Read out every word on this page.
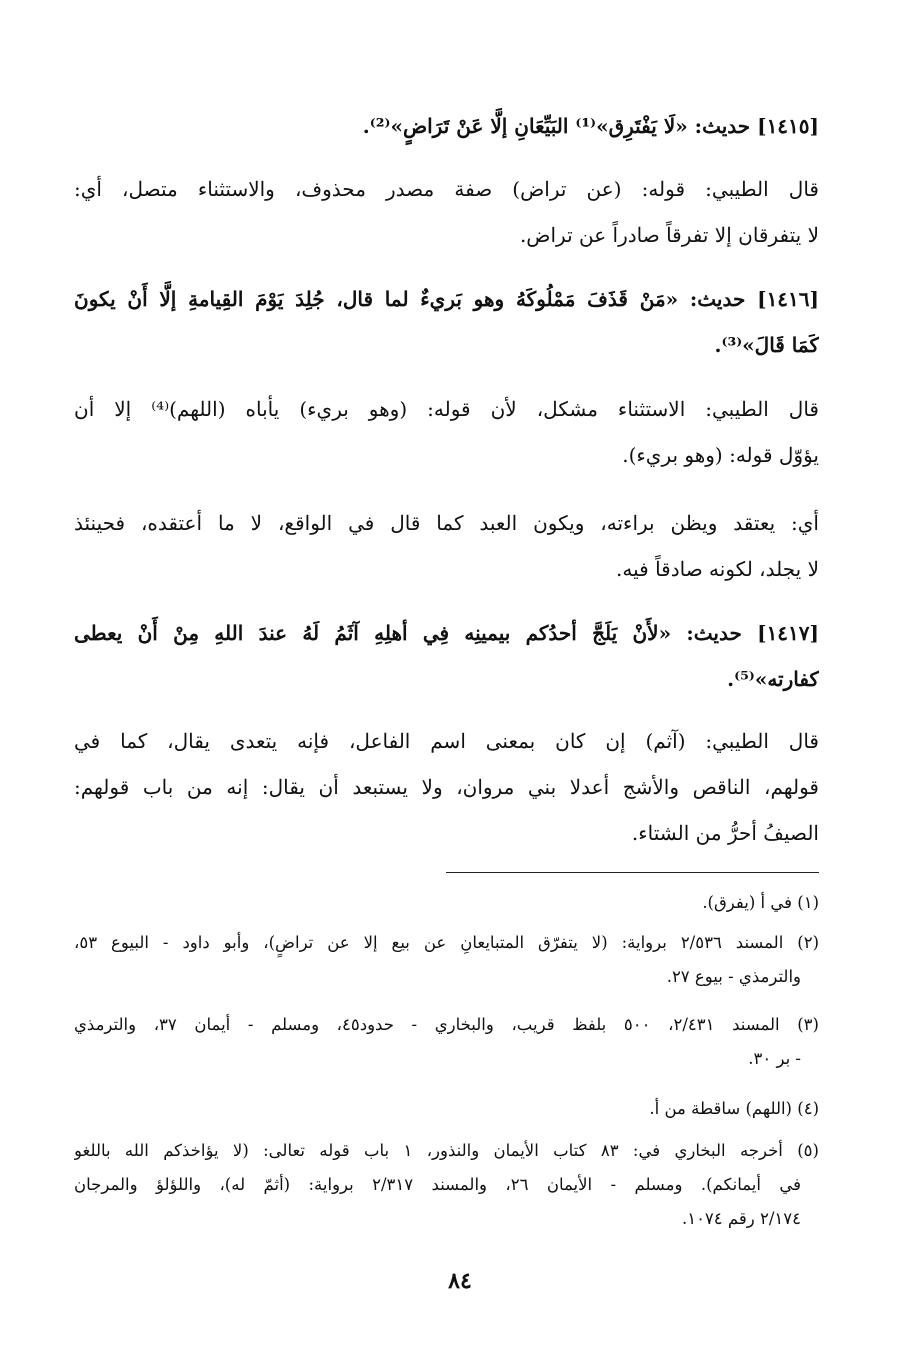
[١٤١٥] حديث: «لَا يَفْتَرِق»⁽¹⁾ البَيِّعَانِ إلَّا عَنْ تَرَاضٍ»⁽²⁾.
قال الطيبي: قوله: (عن تراض) صفة مصدر محذوف، والاستثناء متصل، أي:
لا يتفرقان إلا تفرقاً صادراً عن تراض.
[١٤١٦] حديث: «مَنْ قَذَفَ مَمْلُوكَهُ وهو بَريءٌ لما قال، جُلِدَ يَوْمَ القِيامةِ إلَّا أَنْ يكونَ
كَمَا قَالَ»⁽³⁾.
قال الطيبي: الاستثناء مشكل، لأن قوله: (وهو بريء) يأباه (اللهم)⁽⁴⁾ إلا أن
يؤوّل قوله: (وهو بريء).
أي: يعتقد ويظن براءته، ويكون العبد كما قال في الواقع، لا ما أعتقده، فحينئذ
لا يجلد، لكونه صادقاً فيه.
[١٤١٧] حديث: «لأَنْ يَلَجَّ أحدُكم بيمينِه فِي أهلِهِ آثَمُ لَهُ عندَ اللهِ مِنْ أَنْ يعطى
كفارته»⁽⁵⁾.
قال الطيبي: (آثم) إن كان بمعنى اسم الفاعل، فإنه يتعدى يقال، كما في
قولهم، الناقص والأشج أعدلا بني مروان، ولا يستبعد أن يقال: إنه من باب قولهم:
الصيفُ أحرُّ من الشتاء.
(١) في أ (يفرق).
(٢) المسند ٢/٥٣٦ برواية: (لا يتفرّق المتبايعانِ عن بيع إلا عن تراضٍ)، وأبو داود - البيوع ٥٣،
والترمذي - بيوع ٢٧.
(٣) المسند ٢/٤٣١، ٥٠٠ بلفظ قريب، والبخاري - حدود٤٥، ومسلم - أيمان ٣٧، والترمذي
- بر ٣٠.
(٤) (اللهم) ساقطة من أ.
(٥) أخرجه البخاري في: ٨٣ كتاب الأيمان والنذور، ١ باب قوله تعالى: (لا يؤاخذكم الله باللغو
في أيمانكم). ومسلم - الأيمان ٢٦، والمسند ٢/٣١٧ برواية: (أثمّ له)، واللؤلؤ والمرجان
٢/١٧٤ رقم ١٠٧٤.
٨٤
